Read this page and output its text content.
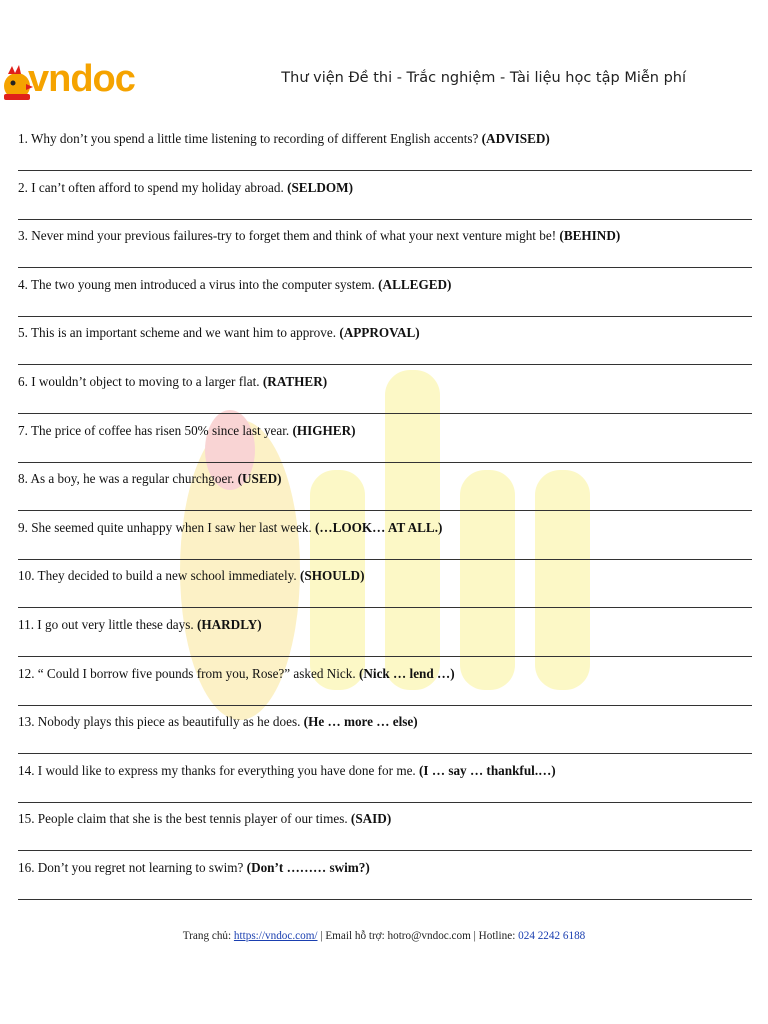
vndoc	Thư viện Đề thi - Trắc nghiệm - Tài liệu học tập Miễn phí
1. Why don’t you spend a little time listening to recording of different English accents? (ADVISED)
2. I can’t often afford to spend my holiday abroad. (SELDOM)
3. Never mind your previous failures-try to forget them and think of what your next venture might be! (BEHIND)
4. The two young men introduced a virus into the computer system. (ALLEGED)
5. This is an important scheme and we want him to approve. (APPROVAL)
6. I wouldn’t object to moving to a larger flat. (RATHER)
7. The price of coffee has risen 50% since last year. (HIGHER)
8. As a boy, he was a regular churchgoer. (USED)
9. She seemed quite unhappy when I saw her last week. (…LOOK… AT ALL.)
10. They decided to build a new school immediately. (SHOULD)
11. I go out very little these days. (HARDLY)
12. “ Could I borrow five pounds from you, Rose?” asked Nick. (Nick … lend …)
13. Nobody plays this piece as beautifully as he does. (He … more … else)
14. I would like to express my thanks for everything you have done for me. (I … say … thankful.…)
15. People claim that she is the best tennis player of our times. (SAID)
16. Don’t you regret not learning to swim? (Don’t ……… swim?)
Trang chủ: https://vndoc.com/ | Email hỗ trợ: hotro@vndoc.com | Hotline: 024 2242 6188
